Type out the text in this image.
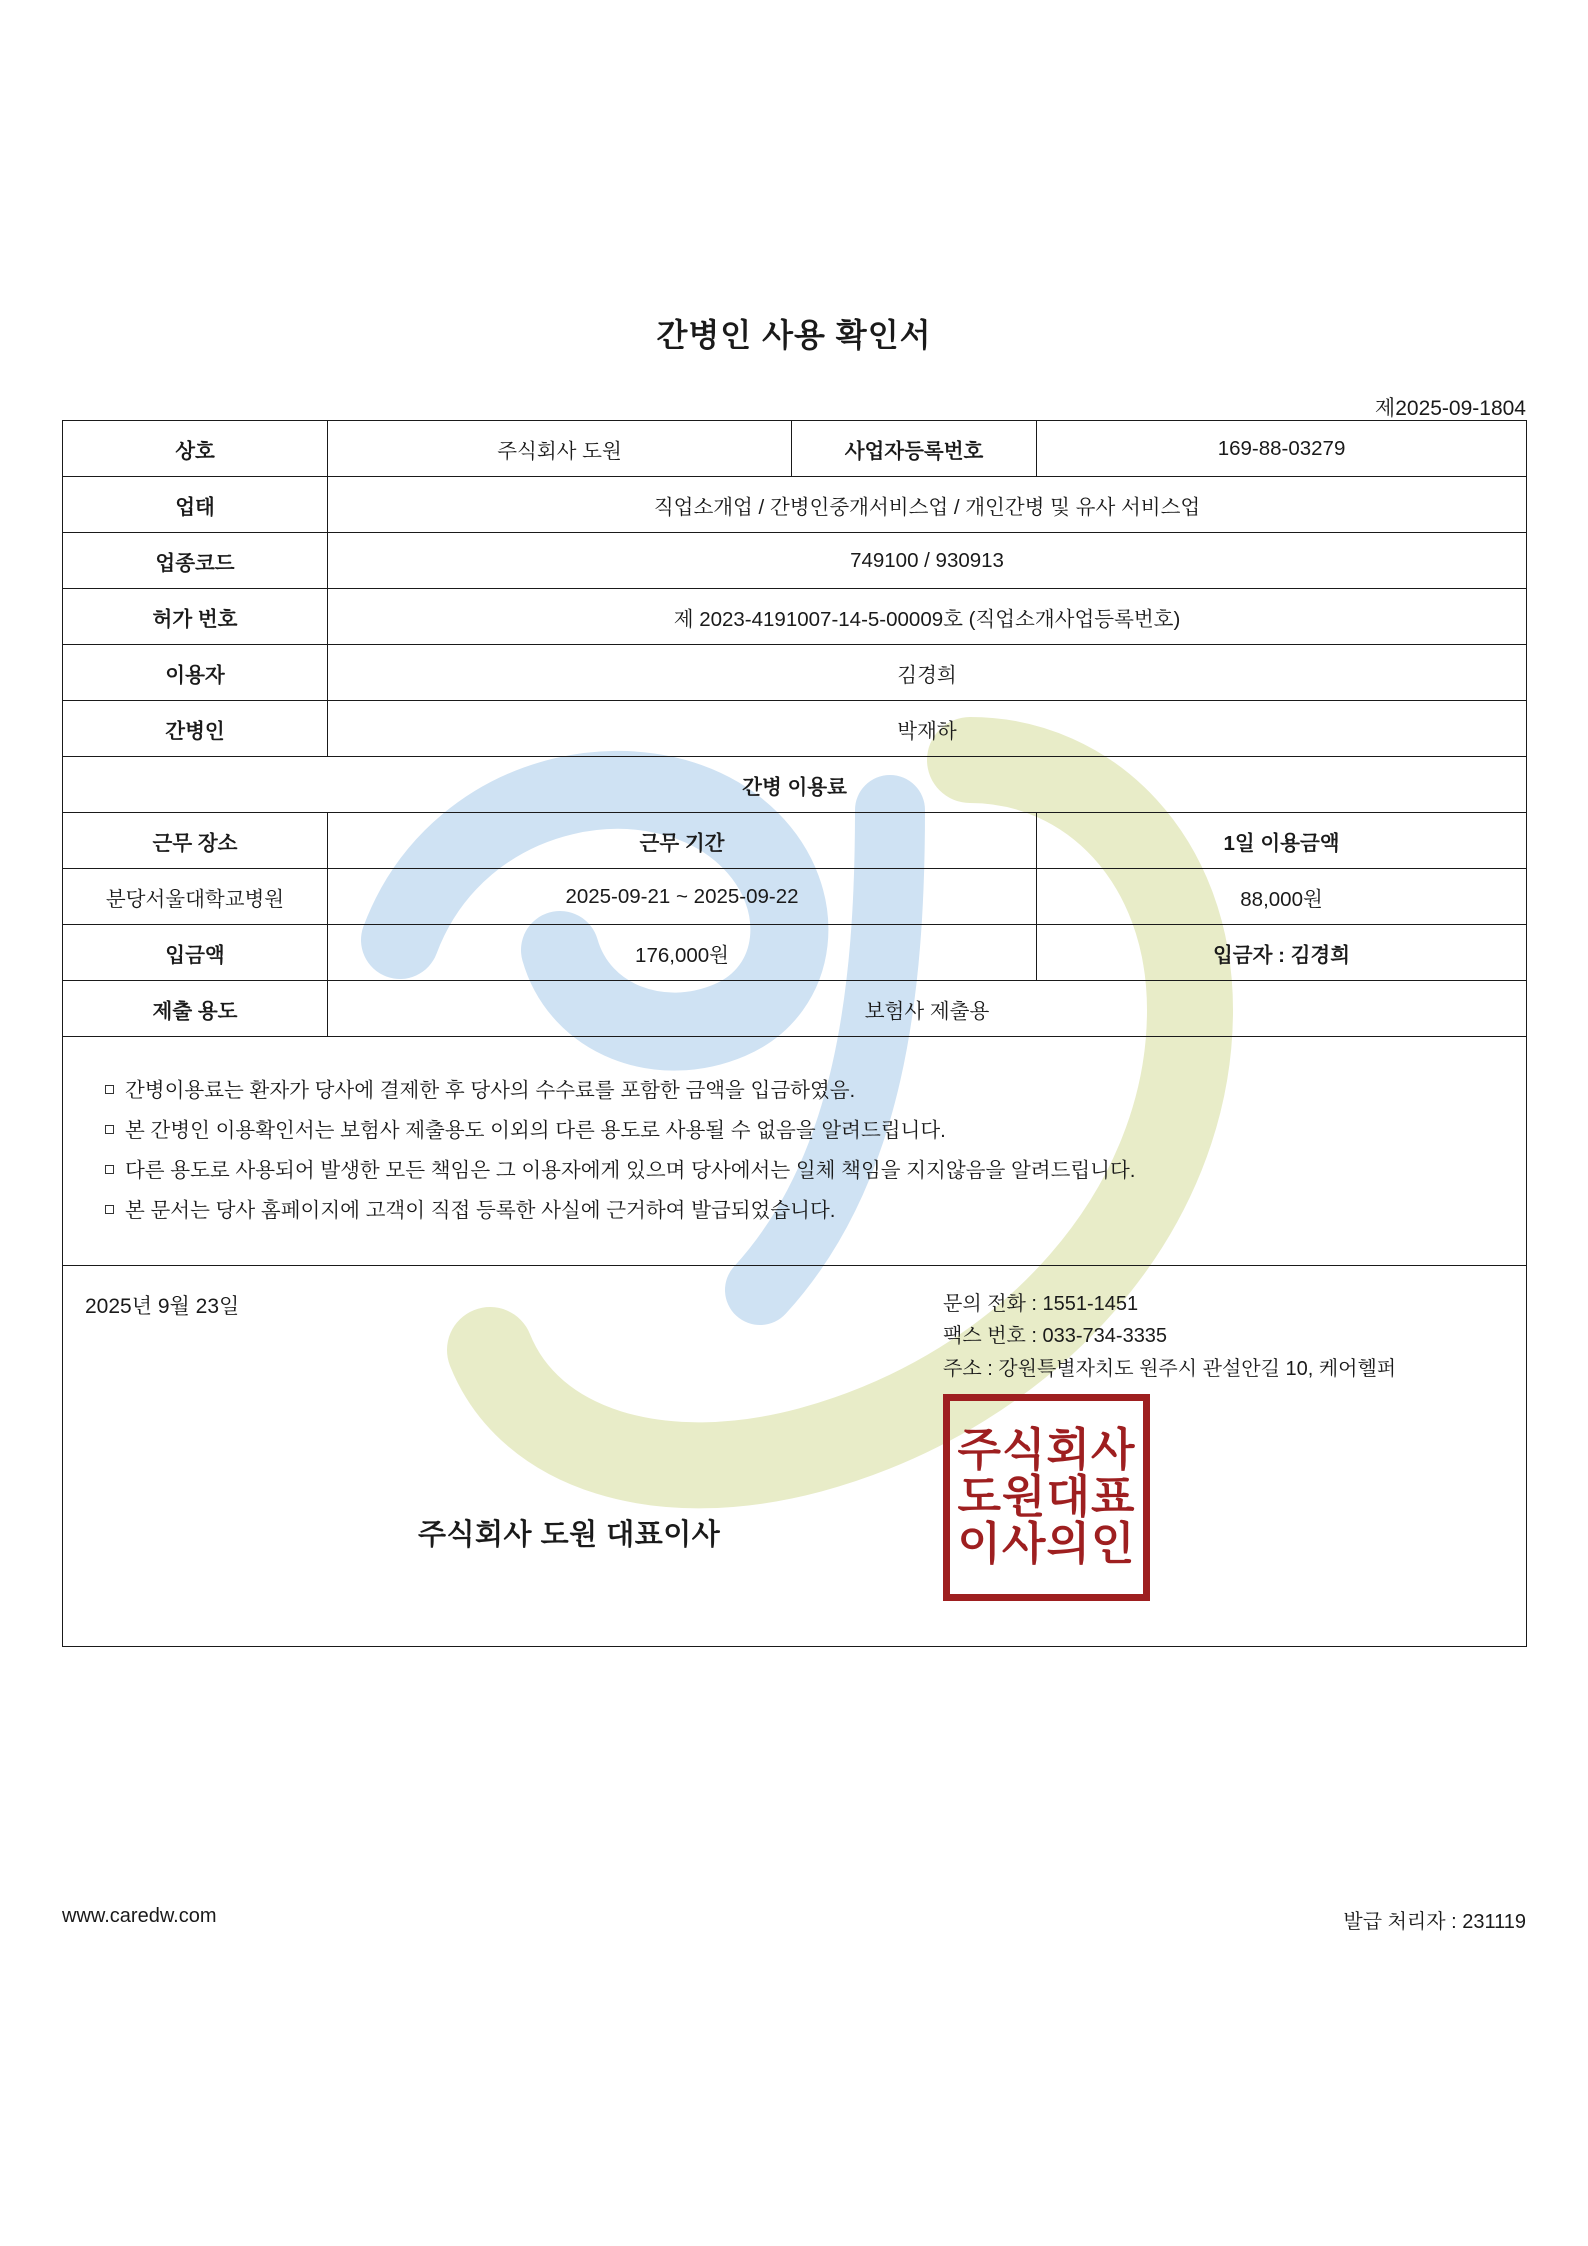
간병인 사용 확인서
제2025-09-1804
상호	주식회사 도원	사업자등록번호	169-88-03279
업태	직업소개업 / 간병인중개서비스업 / 개인간병 및 유사 서비스업		
업종코드	749100 / 930913		
허가 번호	제 2023-4191007-14-5-00009호 (직업소개사업등록번호)		
이용자	김경희		
간병인	박재하		
간병 이용료			
근무 장소	근무 기간		1일 이용금액
분당서울대학교병원	2025-09-21 ~ 2025-09-22		88,000원
입금액	176,000원		입금자 : 김경희
제출 용도	보험사 제출용		

간병이용료는 환자가 당사에 결제한 후 당사의 수수료를 포함한 금액을 입금하였음.
본 간병인 이용확인서는 보험사 제출용도 이외의 다른 용도로 사용될 수 없음을 알려드립니다.
다른 용도로 사용되어 발생한 모든 책임은 그 이용자에게 있으며 당사에서는 일체 책임을 지지않음을 알려드립니다.
본 문서는 당사 홈페이지에 고객이 직접 등록한 사실에 근거하여 발급되었습니다.

2025년 9월 23일	문의 전화 : 1551-1451
팩스 번호 : 033-734-3335
주소 : 강원특별자치도 원주시 관설안길 10, 케어헬퍼
주식회사 도원 대표이사
주식회사
도원대표
이사의인
www.caredw.com	발급 처리자 : 231119
